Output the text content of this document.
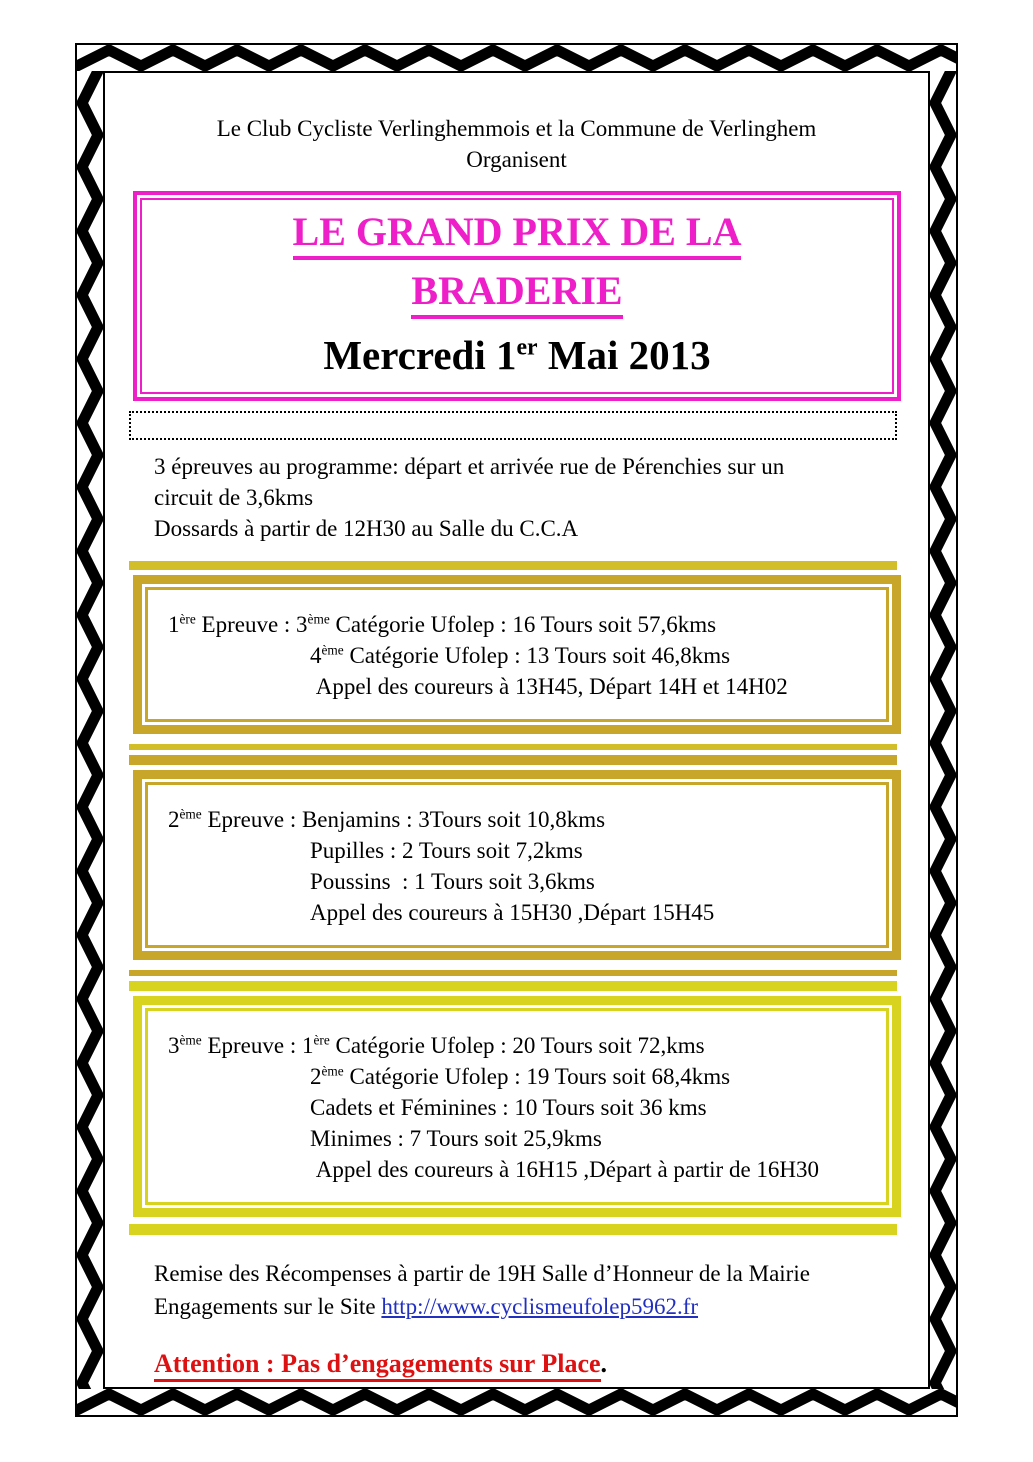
Le Club Cycliste Verlinghemmois et la Commune de Verlinghem
Organisent
LE GRAND PRIX DE LA
BRADERIE
Mercredi 1er Mai 2013
3 épreuves au programme: départ et arrivée rue de Pérenchies sur un
circuit de 3,6kms
Dossards à partir de 12H30 au Salle du C.C.A
1ère Epreuve : 3ème Catégorie Ufolep : 16 Tours soit 57,6kms
4ème Catégorie Ufolep : 13 Tours soit 46,8kms
Appel des coureurs à 13H45, Départ 14H et 14H02
2ème Epreuve : Benjamins : 3Tours soit 10,8kms
Pupilles : 2 Tours soit 7,2kms
Poussins  : 1 Tours soit 3,6kms
Appel des coureurs à 15H30 ,Départ 15H45
3ème Epreuve : 1ère Catégorie Ufolep : 20 Tours soit 72,kms
2ème Catégorie Ufolep : 19 Tours soit 68,4kms
Cadets et Féminines : 10 Tours soit 36 kms
Minimes : 7 Tours soit 25,9kms
Appel des coureurs à 16H15 ,Départ à partir de 16H30
Remise des Récompenses à partir de 19H Salle d’Honneur de la Mairie
Engagements sur le Site http://www.cyclismeufolep5962.fr
Attention : Pas d’engagements sur Place.
